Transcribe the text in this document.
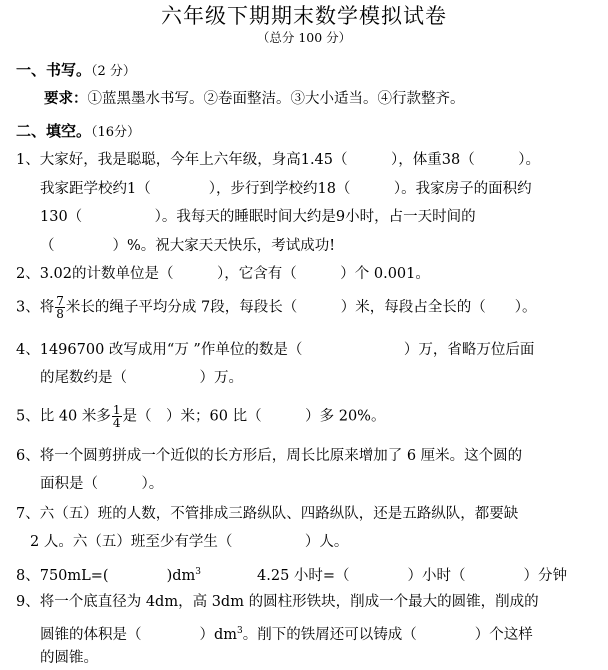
六年级下期期末数学模拟试卷
（总分 100 分）
一、书写。（2 分）
要求：①蓝黑墨水书写。②卷面整洁。③大小适当。④行款整齐。
二、填空。（16分）
1、大家好，我是聪聪，今年上六年级，身高1.45（　　　），体重38（　　　）。
我家距学校约1（　　　　），步行到学校约18（　　　）。我家房子的面积约
130（　　　　　）。我每天的睡眠时间大约是9小时，占一天时间的
（　　　　）%。祝大家天天快乐，考试成功!
2、3.02的计数单位是（　　　），它含有（　　　）个 0.001。
3、将 $\frac{7}{8}$ 米长的绳子平均分成 7段，每段长（　　　）米，每段占全长的（　　）。
4、1496700 改写成用“万 ”作单位的数是（　　　　　　　）万，省略万位后面
的尾数约是（　　　　　）万。
5、比 40 米多 $\frac{1}{4}$ 是（　）米；60 比（　　　）多 20%。
6、将一个圆剪拼成一个近似的长方形后，周长比原来增加了 6 厘米。这个圆的
面积是（　　　）。
7、六（五）班的人数，不管排成三路纵队、四路纵队，还是五路纵队，都要缺
2 人。六（五）班至少有学生（　　　　　）人。
8、750mL=(　　　　)$dm^3$	4.25 小时=（　　　　）小时（　　　　）分钟
9、将一个底直径为 4dm，高 3dm 的圆柱形铁块，削成一个最大的圆锥，削成的
圆锥的体积是（　　　　）$dm^3$。削下的铁屑还可以铸成（　　　　）个这样
的圆锥。
